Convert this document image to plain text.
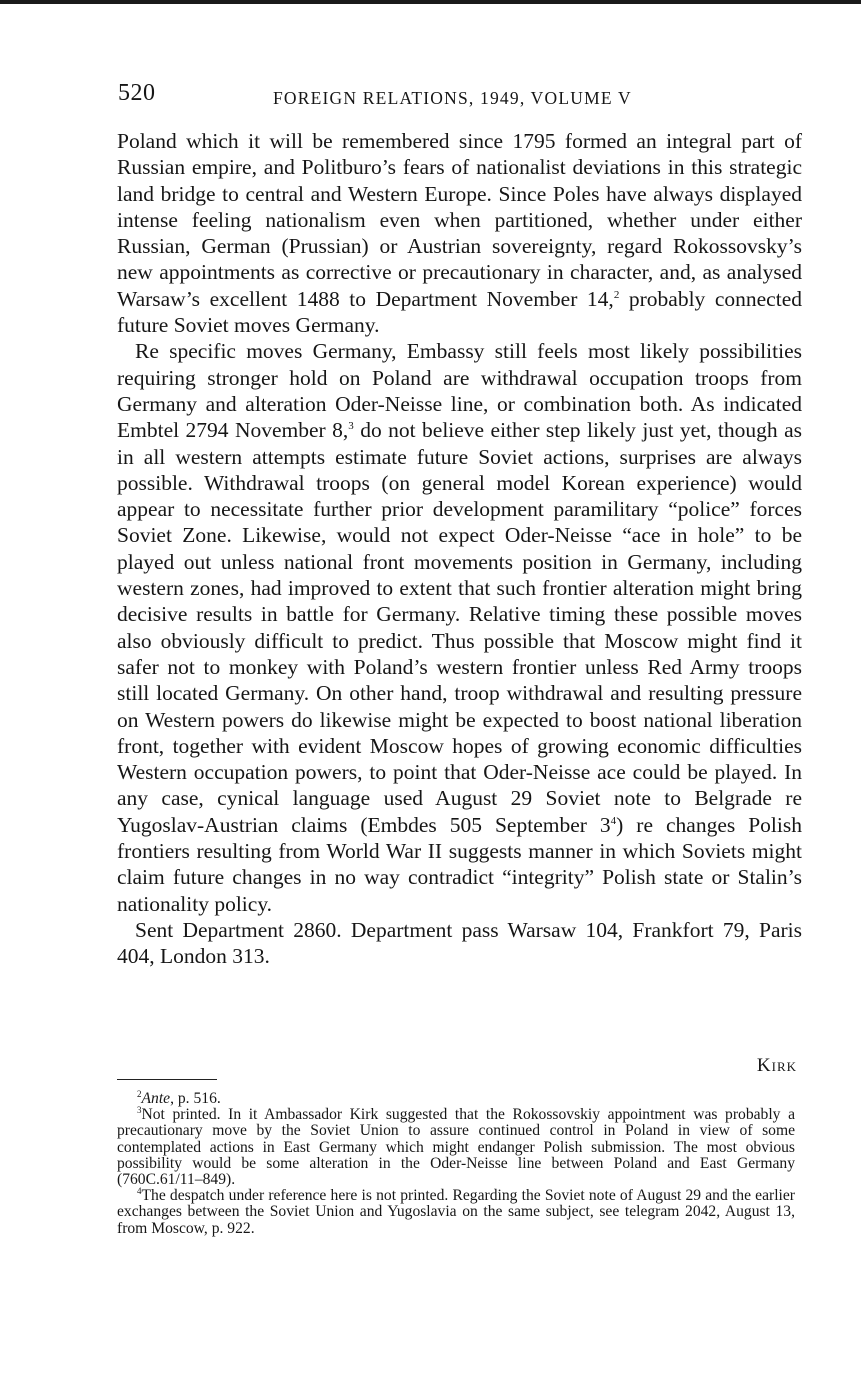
520	FOREIGN RELATIONS, 1949, VOLUME V

Poland which it will be remembered since 1795 formed an integral part of Russian empire, and Politburo’s fears of nationalist deviations in this strategic land bridge to central and Western Europe. Since Poles have always displayed intense feeling nationalism even when partitioned, whether under either Russian, German (Prussian) or Austrian sovereignty, regard Rokossovsky’s new appointments as corrective or precautionary in character, and, as analysed Warsaw’s excellent 1488 to Department November 14,$^2$ probably connected future Soviet moves Germany.

Re specific moves Germany, Embassy still feels most likely possibilities requiring stronger hold on Poland are withdrawal occupation troops from Germany and alteration Oder-Neisse line, or combination both. As indicated Embtel 2794 November 8,$^3$ do not believe either step likely just yet, though as in all western attempts estimate future Soviet actions, surprises are always possible. Withdrawal troops (on general model Korean experience) would appear to necessitate further prior development paramilitary “police” forces Soviet Zone. Likewise, would not expect Oder-Neisse “ace in hole” to be played out unless national front movements position in Germany, including western zones, had improved to extent that such frontier alteration might bring decisive results in battle for Germany. Relative timing these possible moves also obviously difficult to predict. Thus possible that Moscow might find it safer not to monkey with Poland’s western frontier unless Red Army troops still located Germany. On other hand, troop withdrawal and resulting pressure on Western powers do likewise might be expected to boost national liberation front, together with evident Moscow hopes of growing economic difficulties Western occupation powers, to point that Oder-Neisse ace could be played. In any case, cynical language used August 29 Soviet note to Belgrade re Yugoslav-Austrian claims (Embdes 505 September $3^4$) re changes Polish frontiers resulting from World War II suggests manner in which Soviets might claim future changes in no way contradict “integrity” Polish state or Stalin’s nationality policy.

Sent Department 2860. Department pass Warsaw 104, Frankfort 79, Paris 404, London 313.

Kirk

$^2$Ante, p. 516.

$^3$Not printed. In it Ambassador Kirk suggested that the Rokossovskiy appointment was probably a precautionary move by the Soviet Union to assure continued control in Poland in view of some contemplated actions in East Germany which might endanger Polish submission. The most obvious possibility would be some alteration in the Oder-Neisse line between Poland and East Germany (760C.61/11–849).

$^4$The despatch under reference here is not printed. Regarding the Soviet note of August 29 and the earlier exchanges between the Soviet Union and Yugoslavia on the same subject, see telegram 2042, August 13, from Moscow, p. 922.
